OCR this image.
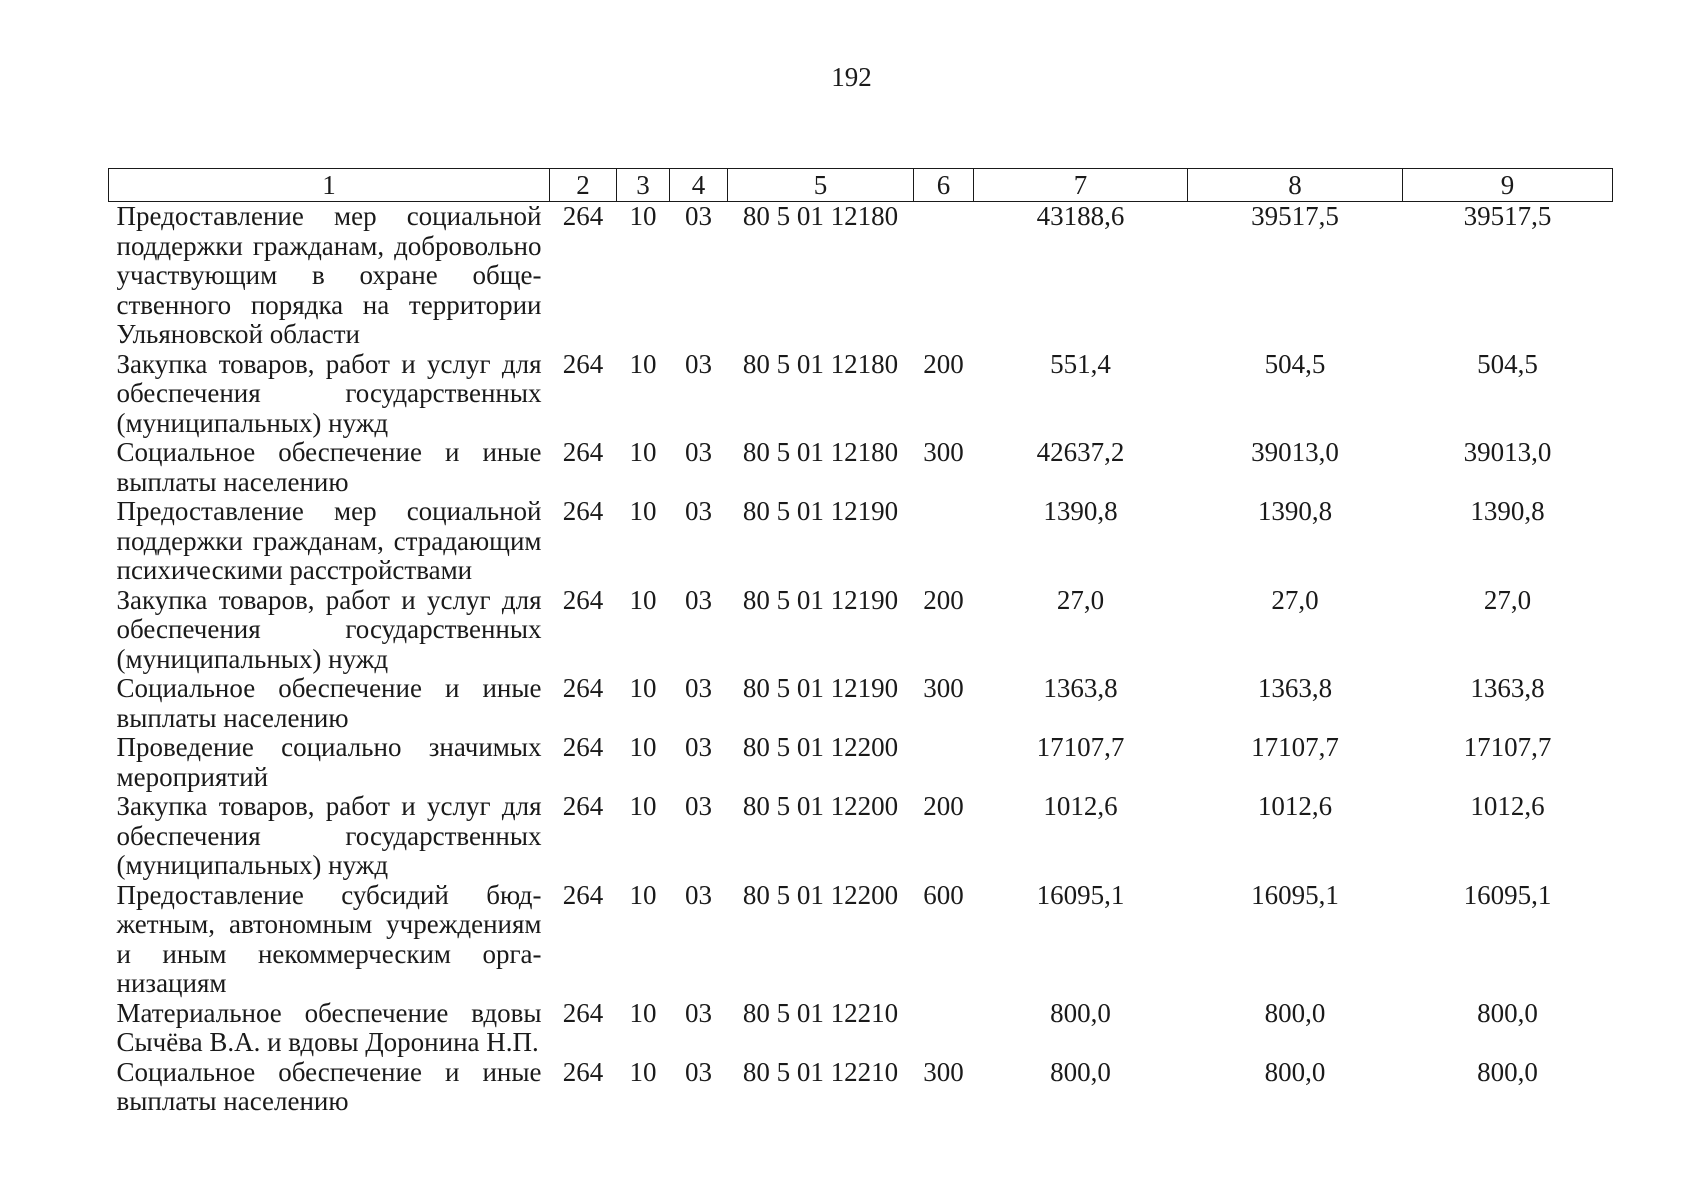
192
1	2	3	4	5	6	7	8	9
Предоставление мер социальной поддержки гражданам, добровольно участвующим в охране общественного порядка на территории Ульяновской области	264	10	03	80 5 01 12180		43188,6	39517,5	39517,5
Закупка товаров, работ и услуг для обеспечения государственных (муниципальных) нужд	264	10	03	80 5 01 12180	200	551,4	504,5	504,5
Социальное обеспечение и иные выплаты населению	264	10	03	80 5 01 12180	300	42637,2	39013,0	39013,0
Предоставление мер социальной поддержки гражданам, страдающим психическими расстройствами	264	10	03	80 5 01 12190		1390,8	1390,8	1390,8
Закупка товаров, работ и услуг для обеспечения государственных (муниципальных) нужд	264	10	03	80 5 01 12190	200	27,0	27,0	27,0
Социальное обеспечение и иные выплаты населению	264	10	03	80 5 01 12190	300	1363,8	1363,8	1363,8
Проведение социально значимых мероприятий	264	10	03	80 5 01 12200		17107,7	17107,7	17107,7
Закупка товаров, работ и услуг для обеспечения государственных (муниципальных) нужд	264	10	03	80 5 01 12200	200	1012,6	1012,6	1012,6
Предоставление субсидий бюджетным, автономным учреждениям и иным некоммерческим организациям	264	10	03	80 5 01 12200	600	16095,1	16095,1	16095,1
Материальное обеспечение вдовы Сычёва В.А. и вдовы Доронина Н.П.	264	10	03	80 5 01 12210		800,0	800,0	800,0
Социальное обеспечение и иные выплаты населению	264	10	03	80 5 01 12210	300	800,0	800,0	800,0
